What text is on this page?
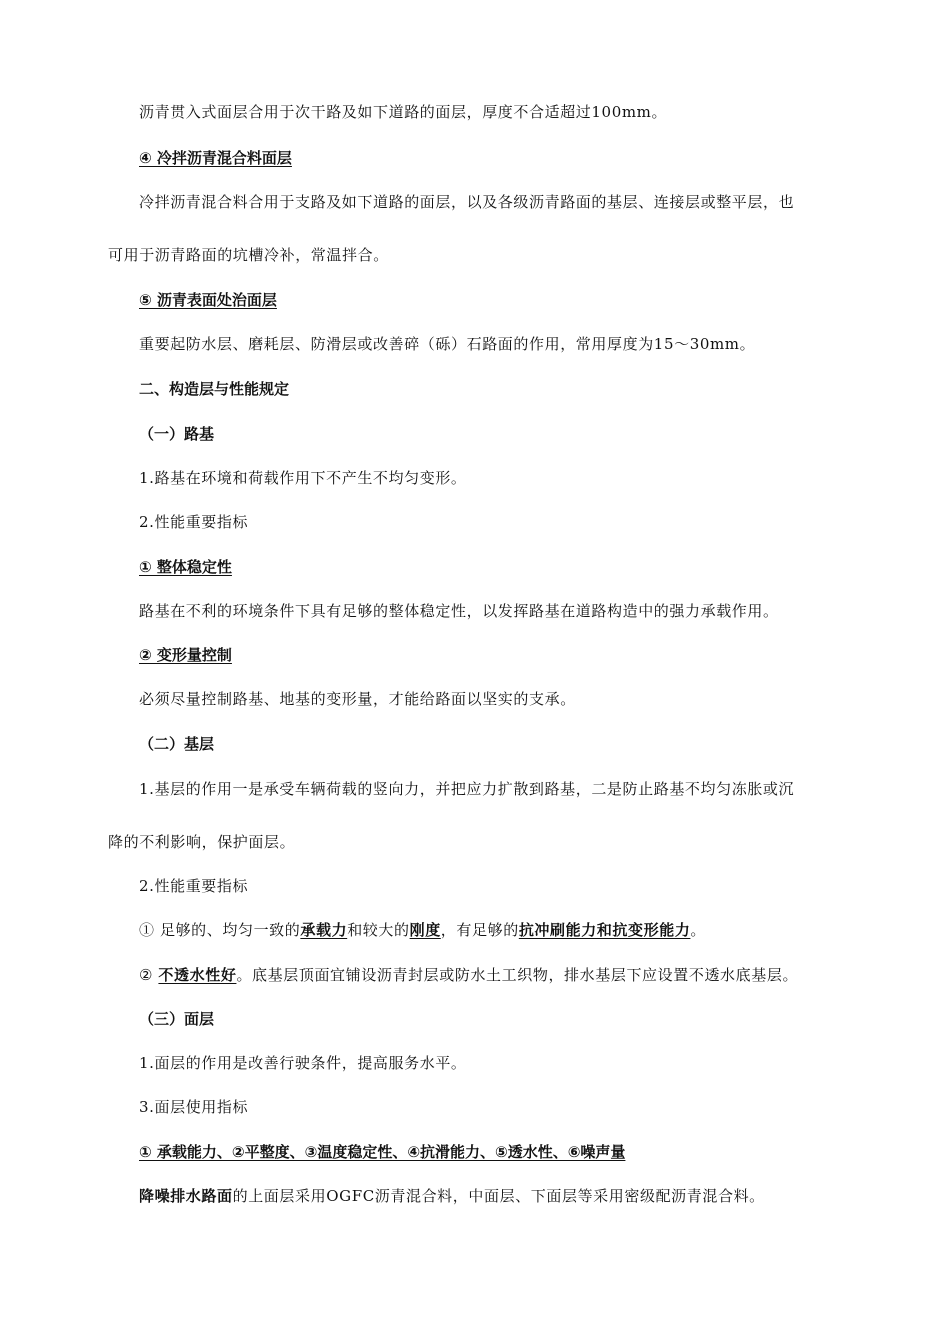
沥青贯入式面层合用于次干路及如下道路的面层，厚度不合适超过100mm。
④ 冷拌沥青混合料面层
冷拌沥青混合料合用于支路及如下道路的面层，以及各级沥青路面的基层、连接层或整平层，也
可用于沥青路面的坑槽冷补，常温拌合。
⑤ 沥青表面处治面层
重要起防水层、磨耗层、防滑层或改善碎（砾）石路面的作用，常用厚度为15～30mm。
二、构造层与性能规定
（一）路基
1.路基在环境和荷载作用下不产生不均匀变形。
2.性能重要指标
① 整体稳定性
路基在不利的环境条件下具有足够的整体稳定性，以发挥路基在道路构造中的强力承载作用。
② 变形量控制
必须尽量控制路基、地基的变形量，才能给路面以坚实的支承。
（二）基层
1.基层的作用一是承受车辆荷载的竖向力，并把应力扩散到路基，二是防止路基不均匀冻胀或沉
降的不利影响，保护面层。
2.性能重要指标
① 足够的、均匀一致的承载力和较大的刚度，有足够的抗冲刷能力和抗变形能力。
② 不透水性好。底基层顶面宜铺设沥青封层或防水土工织物，排水基层下应设置不透水底基层。
（三）面层
1.面层的作用是改善行驶条件，提高服务水平。
3.面层使用指标
① 承载能力、②平整度、③温度稳定性、④抗滑能力、⑤透水性、⑥噪声量
降噪排水路面的上面层采用OGFC沥青混合料，中面层、下面层等采用密级配沥青混合料。
